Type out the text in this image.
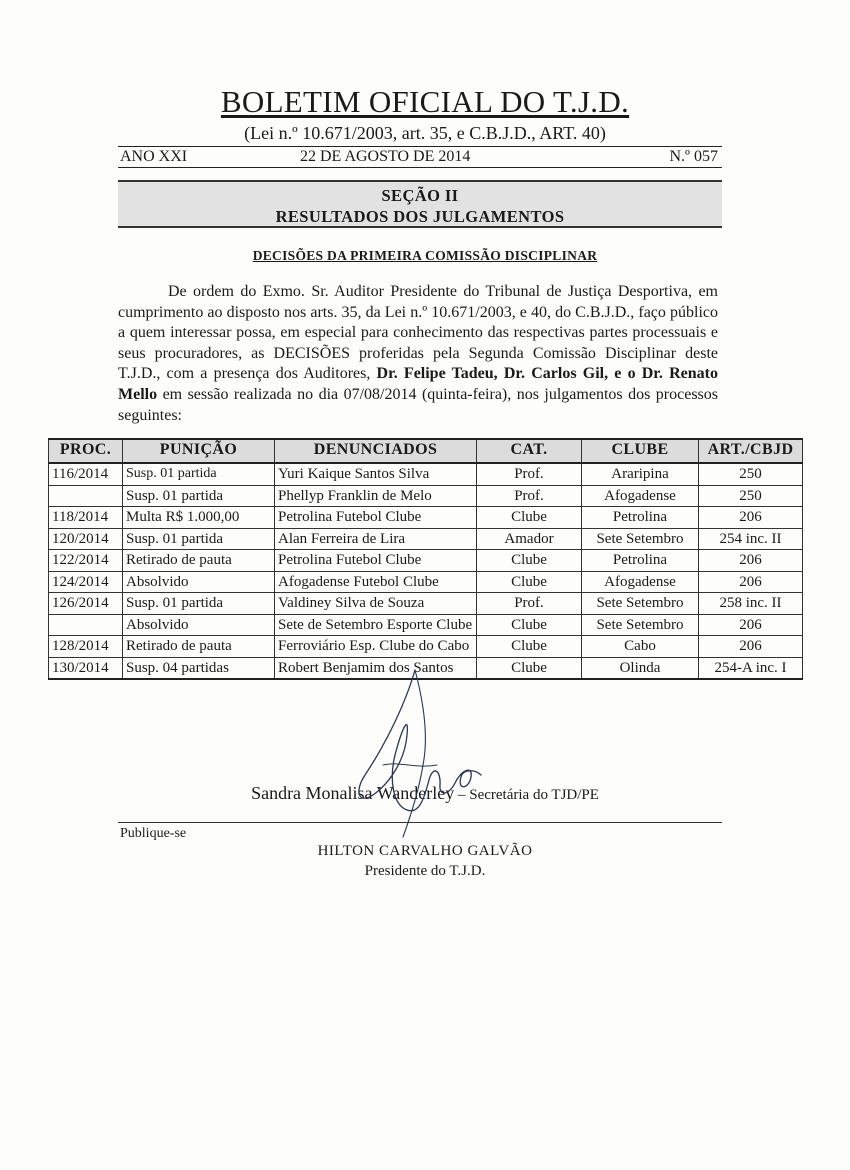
BOLETIM OFICIAL DO T.J.D.
(Lei n.º 10.671/2003, art. 35, e C.B.J.D., ART. 40)
ANO XXI	22 DE AGOSTO DE 2014	N.º 057
SEÇÃO II
RESULTADOS DOS JULGAMENTOS
DECISÕES DA PRIMEIRA COMISSÃO DISCIPLINAR

De ordem do Exmo. Sr. Auditor Presidente do Tribunal de Justiça Desportiva, em cumprimento ao disposto nos arts. 35, da Lei n.º 10.671/2003, e 40, do C.B.J.D., faço público a quem interessar possa, em especial para conhecimento das respectivas partes processuais e seus procuradores, as DECISÕES proferidas pela Segunda Comissão Disciplinar deste T.J.D., com a presença dos Auditores, Dr. Felipe Tadeu, Dr. Carlos Gil, e o Dr. Renato Mello em sessão realizada no dia 07/08/2014 (quinta-feira), nos julgamentos dos processos seguintes:

PROC.	PUNIÇÃO	DENUNCIADOS	CAT.	CLUBE	ART./CBJD
116/2014	Susp. 01 partida	Yuri Kaique Santos Silva	Prof.	Araripina	250
	Susp. 01 partida	Phellyp Franklin de Melo	Prof.	Afogadense	250
118/2014	Multa R$ 1.000,00	Petrolina Futebol Clube	Clube	Petrolina	206
120/2014	Susp. 01 partida	Alan Ferreira de Lira	Amador	Sete Setembro	254 inc. II
122/2014	Retirado de pauta	Petrolina Futebol Clube	Clube	Petrolina	206
124/2014	Absolvido	Afogadense Futebol Clube	Clube	Afogadense	206
126/2014	Susp. 01 partida	Valdiney Silva de Souza	Prof.	Sete Setembro	258 inc. II
	Absolvido	Sete de Setembro Esporte Clube	Clube	Sete Setembro	206
128/2014	Retirado de pauta	Ferroviário Esp. Clube do Cabo	Clube	Cabo	206
130/2014	Susp. 04 partidas	Robert Benjamim dos Santos	Clube	Olinda	254-A inc. I
Sandra Monalisa Wanderley – Secretária do TJD/PE
Publique-se
HILTON CARVALHO GALVÃO
Presidente do T.J.D.
